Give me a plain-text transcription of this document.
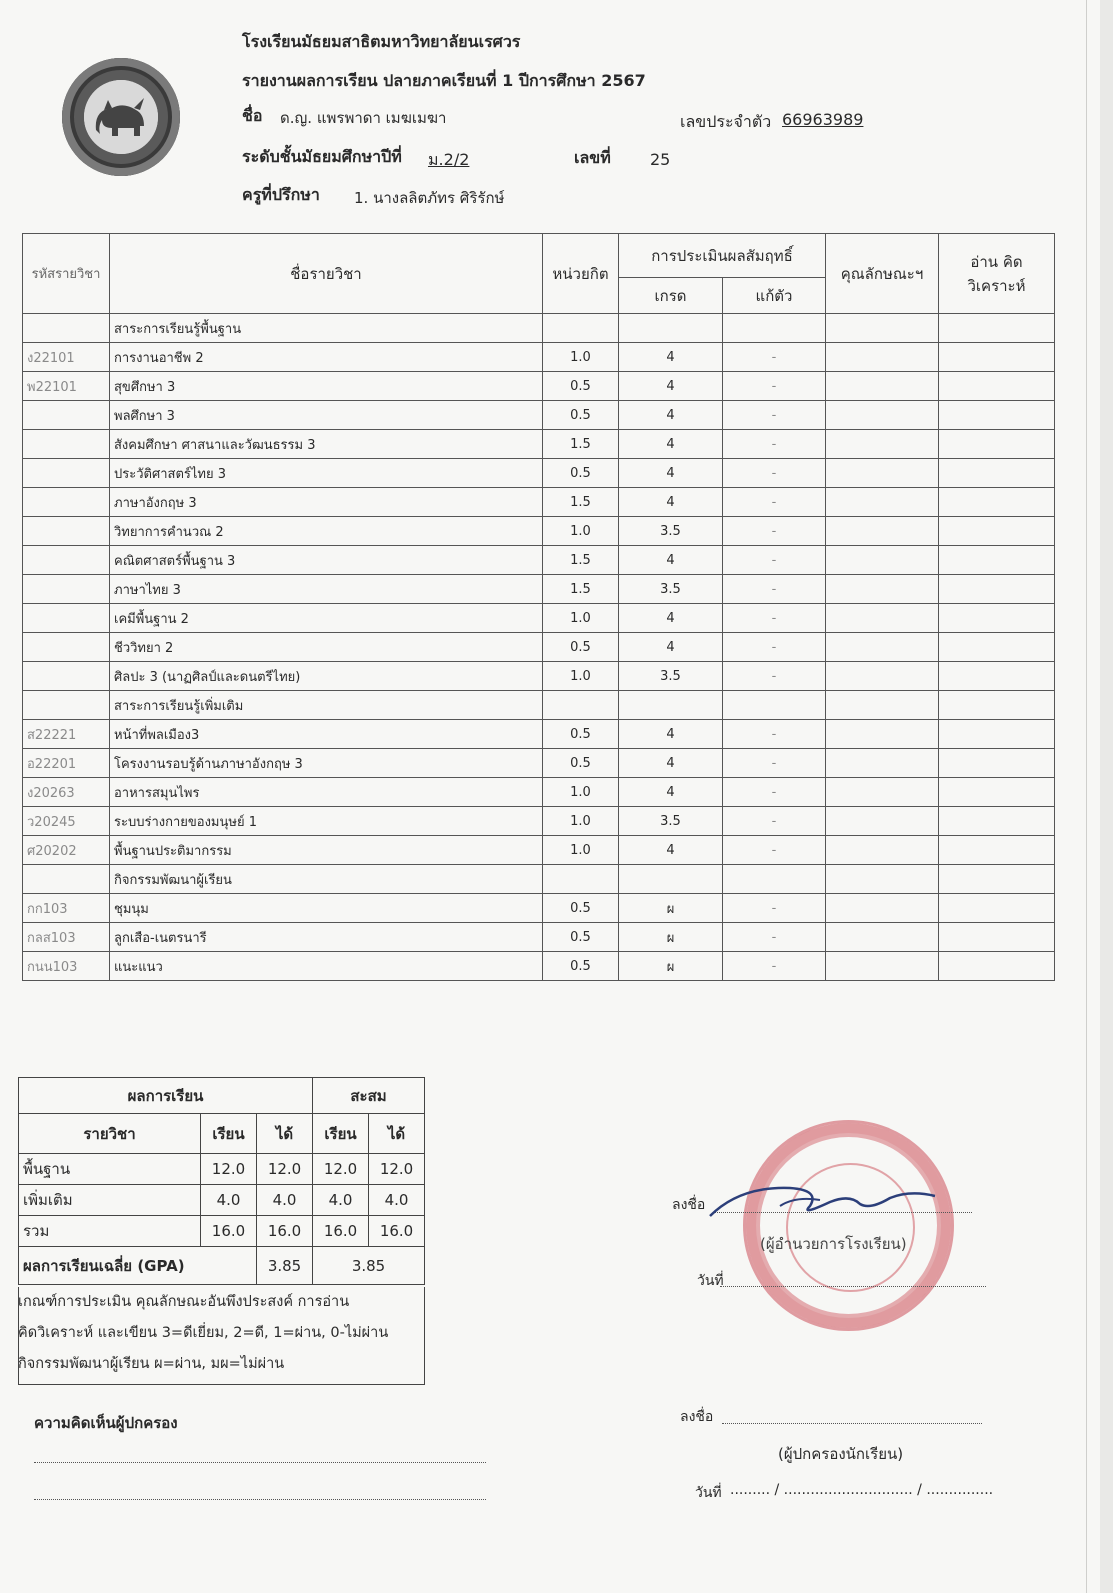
โรงเรียนมัธยมสาธิตมหาวิทยาลัยนเรศวร
รายงานผลการเรียน ปลายภาคเรียนที่ 1 ปีการศึกษา 2567
ชื่อ ด.ญ. แพรพาดา เมฆเมฆา	เลขประจำตัว 66963989
ระดับชั้นมัธยมศึกษาปีที่ ม.2/2	เลขที่ 25
ครูที่ปรึกษา 1. นางลลิตภัทร ศิริรักษ์
รหัสรายวิชา	ชื่อรายวิชา	หน่วยกิต	การประเมินผลสัมฤทธิ์		คุณลักษณะฯ	อ่าน คิด
วิเคราะห์

			เกรด	แก้ตัว		
	สาระการเรียนรู้พื้นฐาน					
ง22101	การงานอาชีพ 2	1.0	4	-		
พ22101	สุขศึกษา 3	0.5	4	-		
	พลศึกษา 3	0.5	4	-		
	สังคมศึกษา ศาสนาและวัฒนธรรม 3	1.5	4	-		
	ประวัติศาสตร์ไทย 3	0.5	4	-		
	ภาษาอังกฤษ 3	1.5	4	-		
	วิทยาการคำนวณ 2	1.0	3.5	-		
	คณิตศาสตร์พื้นฐาน 3	1.5	4	-		
	ภาษาไทย 3	1.5	3.5	-		
	เคมีพื้นฐาน 2	1.0	4	-		
	ชีววิทยา 2	0.5	4	-		
	ศิลปะ 3 (นาฏศิลป์และดนตรีไทย)	1.0	3.5	-		
	สาระการเรียนรู้เพิ่มเติม					
ส22221	หน้าที่พลเมือง3	0.5	4	-		
อ22201	โครงงานรอบรู้ด้านภาษาอังกฤษ 3	0.5	4	-		
ง20263	อาหารสมุนไพร	1.0	4	-		
ว20245	ระบบร่างกายของมนุษย์ 1	1.0	3.5	-		
ศ20202	พื้นฐานประติมากรรม	1.0	4	-		
	กิจกรรมพัฒนาผู้เรียน					
กก103	ชุมนุม	0.5	ผ	-		
กลส103	ลูกเสือ-เนตรนารี	0.5	ผ	-		
กนน103	แนะแนว	0.5	ผ	-		
ผลการเรียน			สะสม	
รายวิชา	เรียน	ได้	เรียน	ได้
พื้นฐาน	12.0	12.0	12.0	12.0
เพิ่มเติม	4.0	4.0	4.0	4.0
รวม	16.0	16.0	16.0	16.0
ผลการเรียนเฉลี่ย (GPA)		3.85	3.85	
เกณฑ์การประเมิน คุณลักษณะอันพึงประสงค์ การอ่าน
คิดวิเคราะห์ และเขียน 3=ดีเยี่ยม, 2=ดี, 1=ผ่าน, 0-ไม่ผ่าน
กิจกรรมพัฒนาผู้เรียน ผ=ผ่าน, มผ=ไม่ผ่าน
ลงชื่อ
(ผู้อำนวยการโรงเรียน)
วันที่
ความคิดเห็นผู้ปกครอง	ลงชื่อ
(ผู้ปกครองนักเรียน)
วันที่ ......... / ............................. / ...............
